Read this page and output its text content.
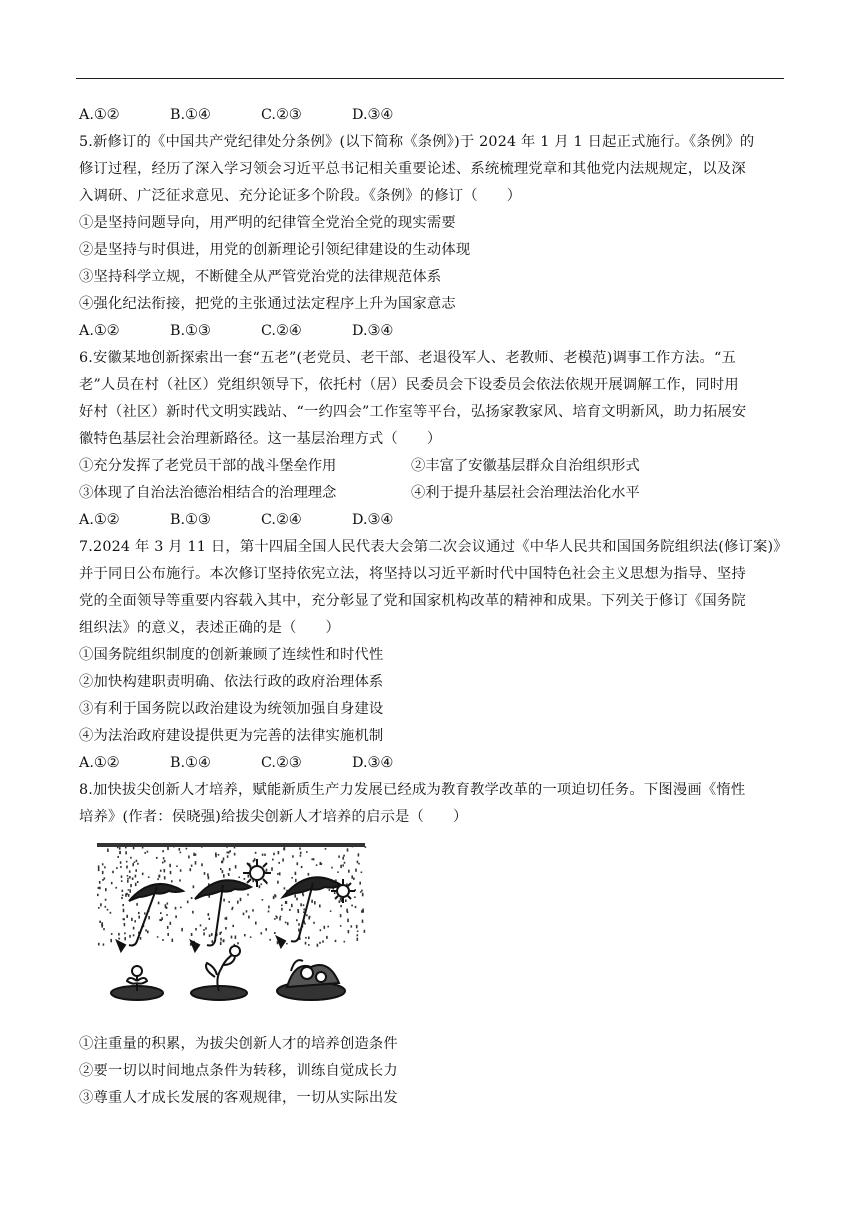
A.①②	B.①④	C.②③	D.③④
5.新修订的《中国共产党纪律处分条例》(以下简称《条例》)于 2024 年 1 月 1 日起正式施行。《条例》的
修订过程，经历了深入学习领会习近平总书记相关重要论述、系统梳理党章和其他党内法规规定，以及深
入调研、广泛征求意见、充分论证多个阶段。《条例》的修订（　　）
①是坚持问题导向，用严明的纪律管全党治全党的现实需要
②是坚持与时俱进，用党的创新理论引领纪律建设的生动体现
③坚持科学立规，不断健全从严管党治党的法律规范体系
④强化纪法衔接，把党的主张通过法定程序上升为国家意志
A.①②	B.①③	C.②④	D.③④
6.安徽某地创新探索出一套“五老”(老党员、老干部、老退役军人、老教师、老模范)调事工作方法。“五
老”人员在村（社区）党组织领导下，依托村（居）民委员会下设委员会依法依规开展调解工作，同时用
好村（社区）新时代文明实践站、“一约四会”工作室等平台，弘扬家教家风、培育文明新风，助力拓展安
徽特色基层社会治理新路径。这一基层治理方式（　　）
①充分发挥了老党员干部的战斗堡垒作用	②丰富了安徽基层群众自治组织形式
③体现了自治法治德治相结合的治理理念	④利于提升基层社会治理法治化水平
A.①②	B.①③	C.②④	D.③④
7.2024 年 3 月 11 日，第十四届全国人民代表大会第二次会议通过《中华人民共和国国务院组织法(修订案)》
并于同日公布施行。本次修订坚持依宪立法，将坚持以习近平新时代中国特色社会主义思想为指导、坚持
党的全面领导等重要内容载入其中，充分彰显了党和国家机构改革的精神和成果。下列关于修订《国务院
组织法》的意义，表述正确的是（　　）
①国务院组织制度的创新兼顾了连续性和时代性
②加快构建职责明确、依法行政的政府治理体系
③有利于国务院以政治建设为统领加强自身建设
④为法治政府建设提供更为完善的法律实施机制
A.①②	B.①④	C.②③	D.③④
8.加快拔尖创新人才培养，赋能新质生产力发展已经成为教育教学改革的一项迫切任务。下图漫画《惰性
培养》(作者：侯晓强)给拔尖创新人才培养的启示是（　　）
①注重量的积累，为拔尖创新人才的培养创造条件
②要一切以时间地点条件为转移，训练自觉成长力
③尊重人才成长发展的客观规律，一切从实际出发
